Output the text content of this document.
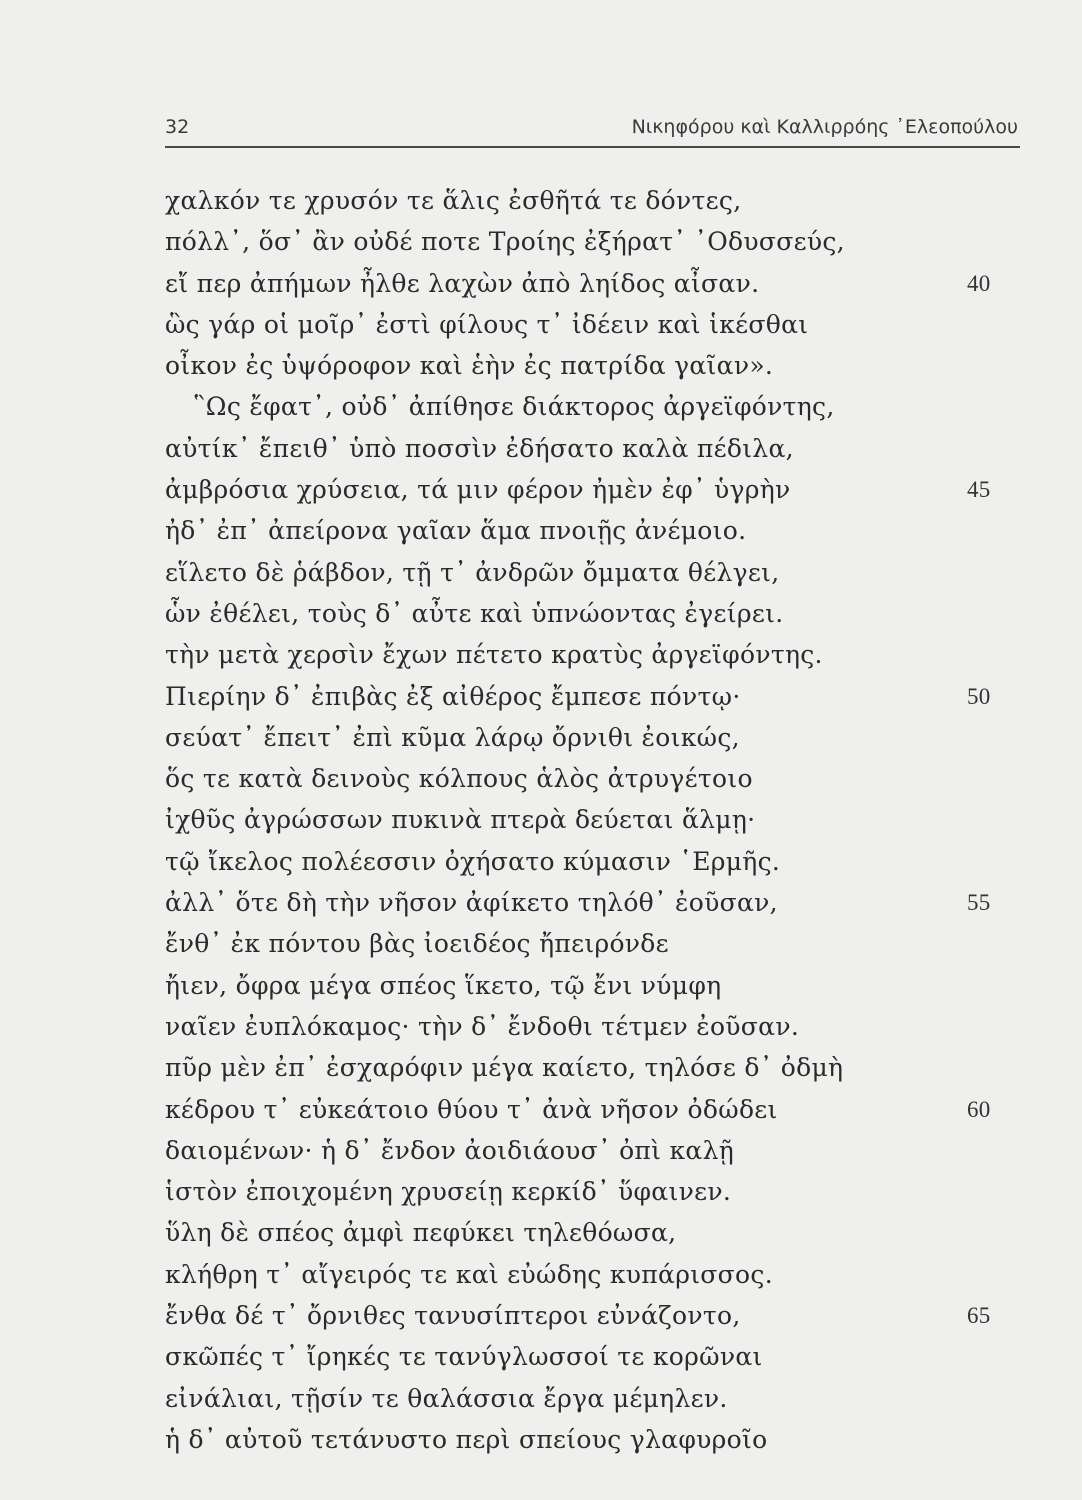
32	Νικηφόρου καὶ Καλλιρρόης ᾿Ελεοπούλου
χαλκόν τε χρυσόν τε ἅλις ἐσθῆτά τε δόντες,
πόλλ᾿, ὅσ᾿ ἂν οὐδέ ποτε Τροίης ἐξήρατ᾿ ᾿Οδυσσεύς,
εἴ περ ἀπήμων ἦλθε λαχὼν ἀπὸ ληίδος αἶσαν.	40
ὣς γάρ οἱ μοῖρ᾿ ἐστὶ φίλους τ᾿ ἰδέειν καὶ ἱκέσθαι
οἶκον ἐς ὑψόροφον καὶ ἑὴν ἐς πατρίδα γαῖαν».
῝Ως ἔφατ᾿, οὐδ᾿ ἀπίθησε διάκτορος ἀργεϊφόντης,
αὐτίκ᾿ ἔπειθ᾿ ὑπὸ ποσσὶν ἐδήσατο καλὰ πέδιλα,
ἀμβρόσια χρύσεια, τά μιν φέρον ἠμὲν ἐφ᾿ ὑγρὴν	45
ἠδ᾿ ἐπ᾿ ἀπείρονα γαῖαν ἅμα πνοιῇς ἀνέμοιο.
εἵλετο δὲ ῥάβδον, τῇ τ᾿ ἀνδρῶν ὄμματα θέλγει,
ὧν ἐθέλει, τοὺς δ᾿ αὖτε καὶ ὑπνώοντας ἐγείρει.
τὴν μετὰ χερσὶν ἔχων πέτετο κρατὺς ἀργεϊφόντης.
Πιερίην δ᾿ ἐπιβὰς ἐξ αἰθέρος ἔμπεσε πόντῳ·	50
σεύατ᾿ ἔπειτ᾿ ἐπὶ κῦμα λάρῳ ὄρνιθι ἐοικώς,
ὅς τε κατὰ δεινοὺς κόλπους ἁλὸς ἀτρυγέτοιο
ἰχθῦς ἀγρώσσων πυκινὰ πτερὰ δεύεται ἅλμῃ·
τῷ ἴκελος πολέεσσιν ὀχήσατο κύμασιν ῾Ερμῆς.
ἀλλ᾿ ὅτε δὴ τὴν νῆσον ἀφίκετο τηλόθ᾿ ἐοῦσαν,	55
ἔνθ᾿ ἐκ πόντου βὰς ἰοειδέος ἤπειρόνδε
ἤιεν, ὄφρα μέγα σπέος ἵκετο, τῷ ἔνι νύμφη
ναῖεν ἐυπλόκαμος· τὴν δ᾿ ἔνδοθι τέτμεν ἐοῦσαν.
πῦρ μὲν ἐπ᾿ ἐσχαρόφιν μέγα καίετο, τηλόσε δ᾿ ὀδμὴ
κέδρου τ᾿ εὐκεάτοιο θύου τ᾿ ἀνὰ νῆσον ὀδώδει	60
δαιομένων· ἡ δ᾿ ἔνδον ἀοιδιάουσ᾿ ὀπὶ καλῇ
ἱστὸν ἐποιχομένη χρυσείῃ κερκίδ᾿ ὕφαινεν.
ὕλη δὲ σπέος ἀμφὶ πεφύκει τηλεθόωσα,
κλήθρη τ᾿ αἴγειρός τε καὶ εὐώδης κυπάρισσος.
ἔνθα δέ τ᾿ ὄρνιθες τανυσίπτεροι εὐνάζοντο,	65
σκῶπές τ᾿ ἴρηκές τε τανύγλωσσοί τε κορῶναι
εἰνάλιαι, τῇσίν τε θαλάσσια ἔργα μέμηλεν.
ἡ δ᾿ αὐτοῦ τετάνυστο περὶ σπείους γλαφυροῖο
